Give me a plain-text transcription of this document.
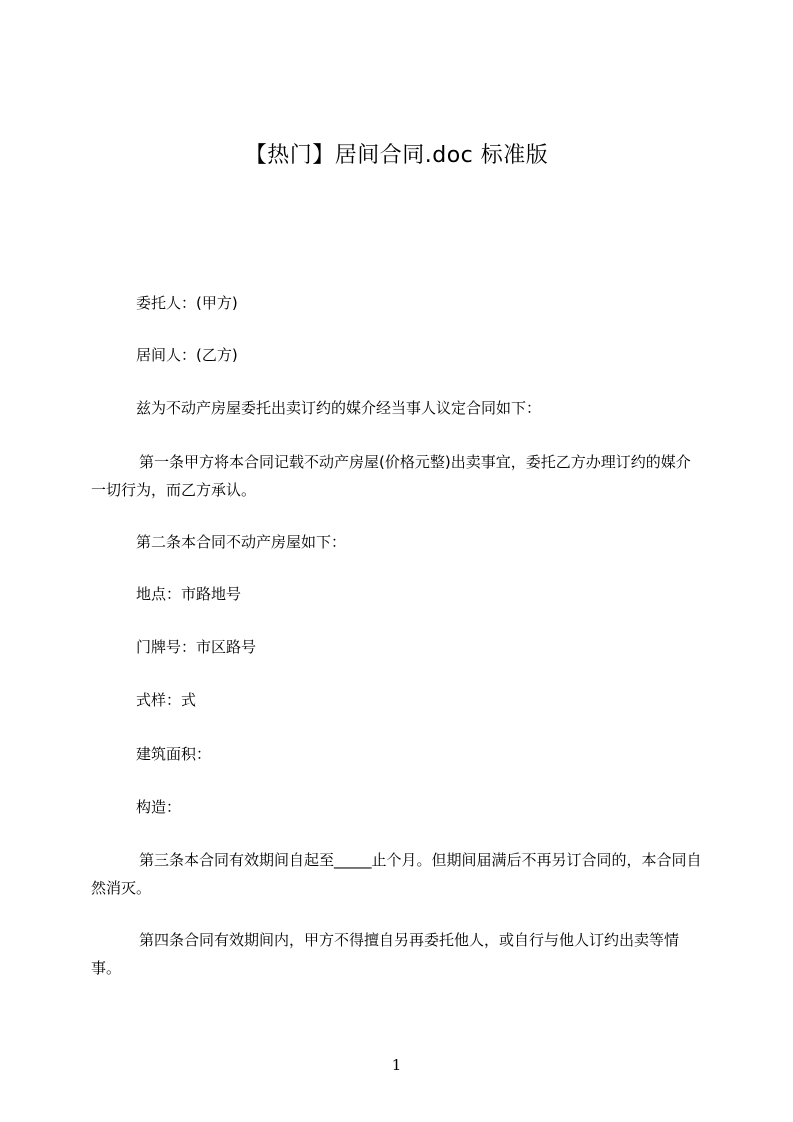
【热门】居间合同.doc 标准版
委托人：(甲方)
居间人：(乙方)
兹为不动产房屋委托出卖订约的媒介经当事人议定合同如下：
第一条甲方将本合同记载不动产房屋(价格元整)出卖事宜，委托乙方办理订约的媒介一切行为，而乙方承认。
第二条本合同不动产房屋如下：
地点：市路地号
门牌号：市区路号
式样：式
建筑面积：
构造：
第三条本合同有效期间自起至_____止个月。但期间届满后不再另订合同的，本合同自然消灭。
第四条合同有效期间内，甲方不得擅自另再委托他人，或自行与他人订约出卖等情事。
1
